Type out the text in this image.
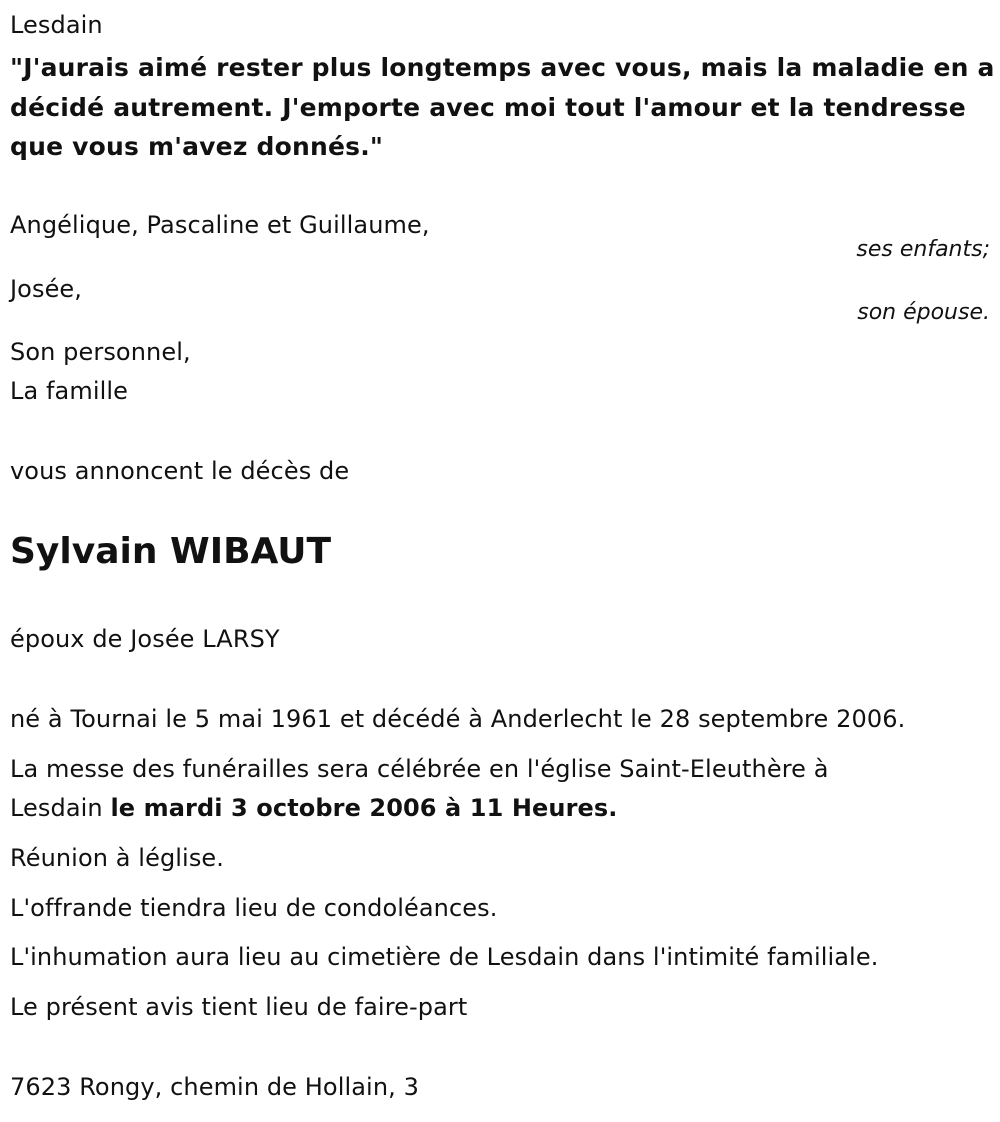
Lesdain
"J'aurais aimé rester plus longtemps avec vous, mais la maladie en a
décidé autrement. J'emporte avec moi tout l'amour et la tendresse
que vous m'avez donnés."
Angélique, Pascaline et Guillaume,
ses enfants;
Josée,
son épouse.
Son personnel,
La famille
vous annoncent le décès de
Sylvain WIBAUT
époux de Josée LARSY
né à Tournai le 5 mai 1961 et décédé à Anderlecht le 28 septembre 2006.
La messe des funérailles sera célébrée en l'église Saint-Eleuthère à
Lesdain le mardi 3 octobre 2006 à 11 Heures.
Réunion à léglise.
L'offrande tiendra lieu de condoléances.
L'inhumation aura lieu au cimetière de Lesdain dans l'intimité familiale.
Le présent avis tient lieu de faire-part
7623 Rongy, chemin de Hollain, 3
